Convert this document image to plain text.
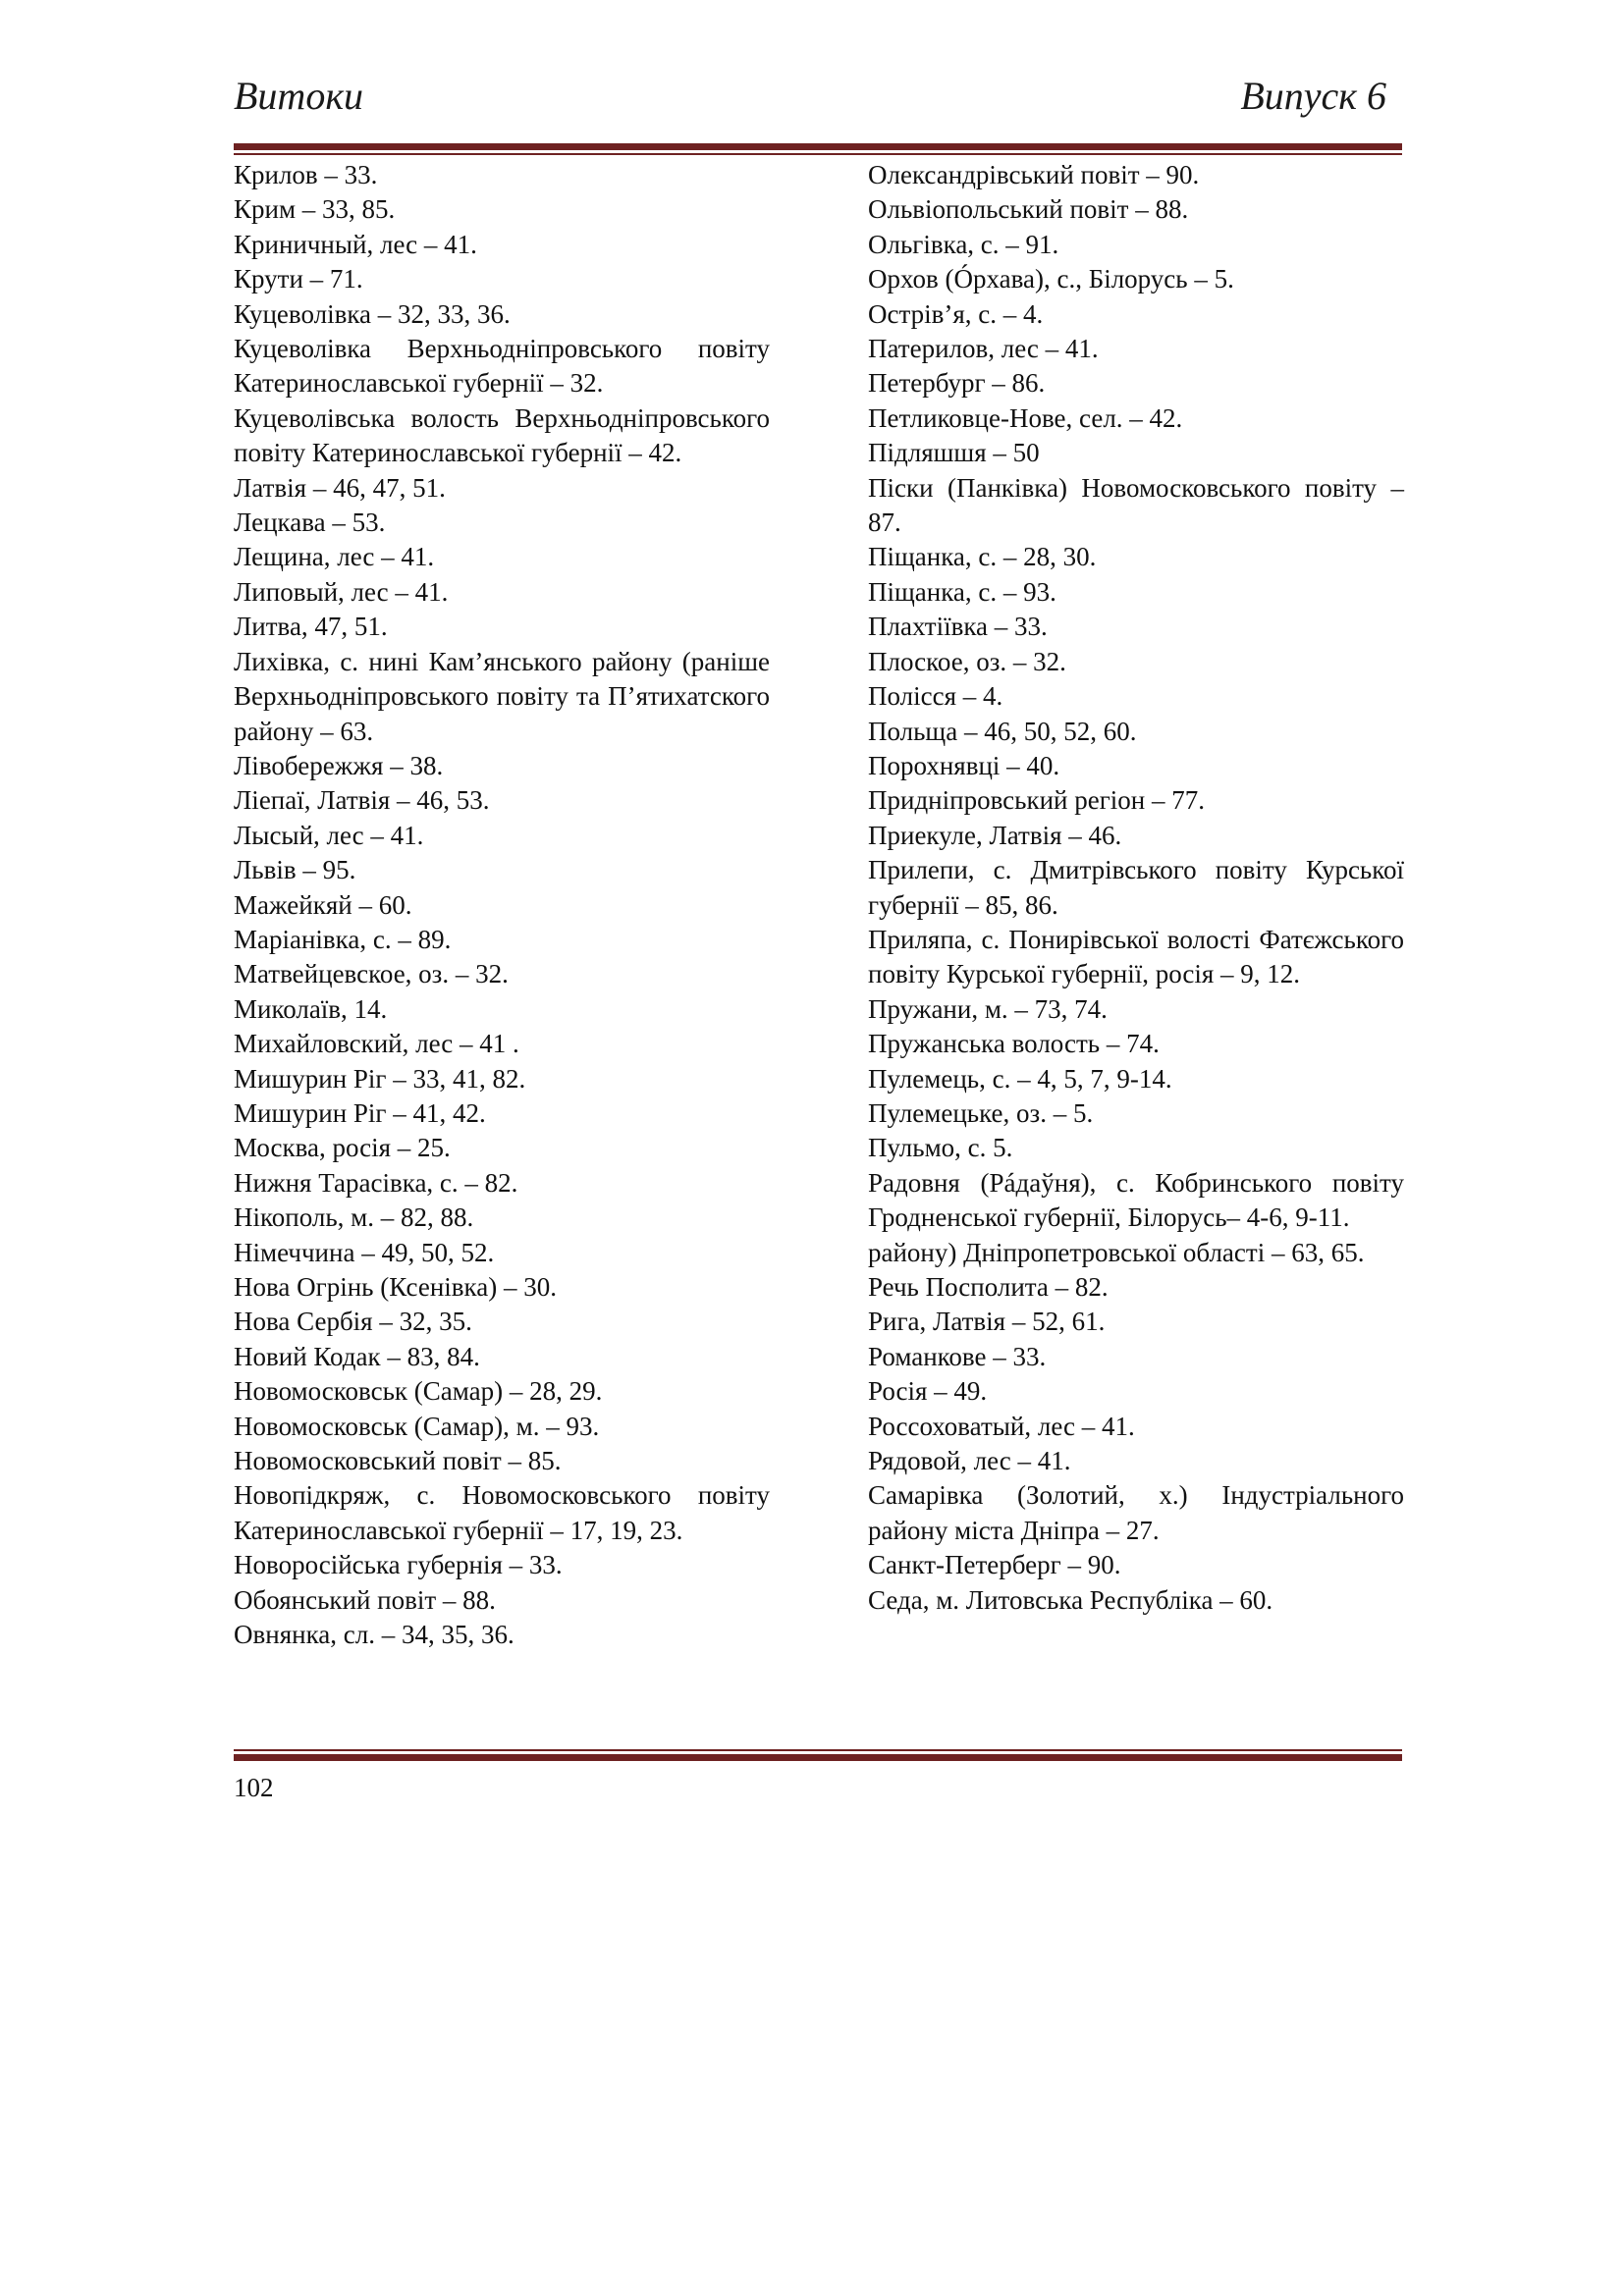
Витоки	Випуск 6

Крилов – 33.

Крим – 33, 85.

Криничный, лес – 41.

Крути – 71.

Куцеволівка – 32, 33, 36.

Куцеволівка Верхньодніпровського повіту Катеринославської губернії – 32.

Куцеволівська волость Верхньодніпровського повіту Катеринославської губернії – 42.

Латвія – 46, 47, 51.

Лецкава – 53.

Лещина, лес – 41.

Липовый, лес – 41.

Литва, 47, 51.

Лихівка, с. нині Кам’янського району (раніше Верхньодніпровського повіту та П’ятихатского району – 63.

Лівобережжя – 38.

Ліепаї, Латвія – 46, 53.

Лысый, лес – 41.

Львів – 95.

Мажейкяй – 60.

Маріанівка, с. – 89.

Матвейцевское, оз. – 32.

Миколаїв, 14.

Михайловский, лес – 41 .

Мишурин Ріг – 33, 41, 82.

Мишурин Ріг – 41, 42.

Москва, росія – 25.

Нижня Тарасівка, с. – 82.

Нікополь, м. – 82, 88.

Німеччина – 49, 50, 52.

Нова Огрінь (Ксенівка) – 30.

Нова Сербія – 32, 35.

Новий Кодак – 83, 84.

Новомосковськ (Самар) – 28, 29.

Новомосковськ (Самар), м. – 93.

Новомосковський повіт – 85.

Новопідкряж, с. Новомосковського повіту Катеринославської губернії – 17, 19, 23.

Новоросійська губернія – 33.

Обоянський повіт – 88.

Овнянка, сл. – 34, 35, 36.

Олександрівський повіт – 90.

Ольвіопольський повіт – 88.

Ольгівка, с. – 91.

Орхов (Óрхава), с., Білорусь – 5.

Острів’я, с. – 4.

Патерилов, лес – 41.

Петербург – 86.

Петликовце-Нове, сел. – 42.

Підляшшя – 50

Піски (Панківка) Новомосковського повіту – 87.

Піщанка, с. – 28, 30.

Піщанка, с. – 93.

Плахтіївка – 33.

Плоское, оз. – 32.

Полісся – 4.

Польща – 46, 50, 52, 60.

Порохнявці – 40.

Придніпровський регіон – 77.

Приекуле, Латвія – 46.

Прилепи, с. Дмитрівського повіту Курської губернії – 85, 86.

Приляпа, с. Понирівської волості Фатєжського повіту Курської губернії, росія – 9, 12.

Пружани, м. – 73, 74.

Пружанська волость – 74.

Пулемець, с. – 4, 5, 7, 9-14.

Пулемецьке, оз. – 5.

Пульмо, с. 5.

Радовня (Рáдаўня), с. Кобринського повіту Гродненської губернії, Білорусь– 4-6, 9-11.

району) Дніпропетровської області – 63, 65.

Речь Посполита – 82.

Рига, Латвія – 52, 61.

Романкове – 33.

Росія – 49.

Россоховатый, лес – 41.

Рядовой, лес – 41.

Самарівка (Золотий, х.) Індустріального району міста Дніпра – 27.

Санкт-Петерберг – 90.

Седа, м. Литовська Республіка – 60.

102
